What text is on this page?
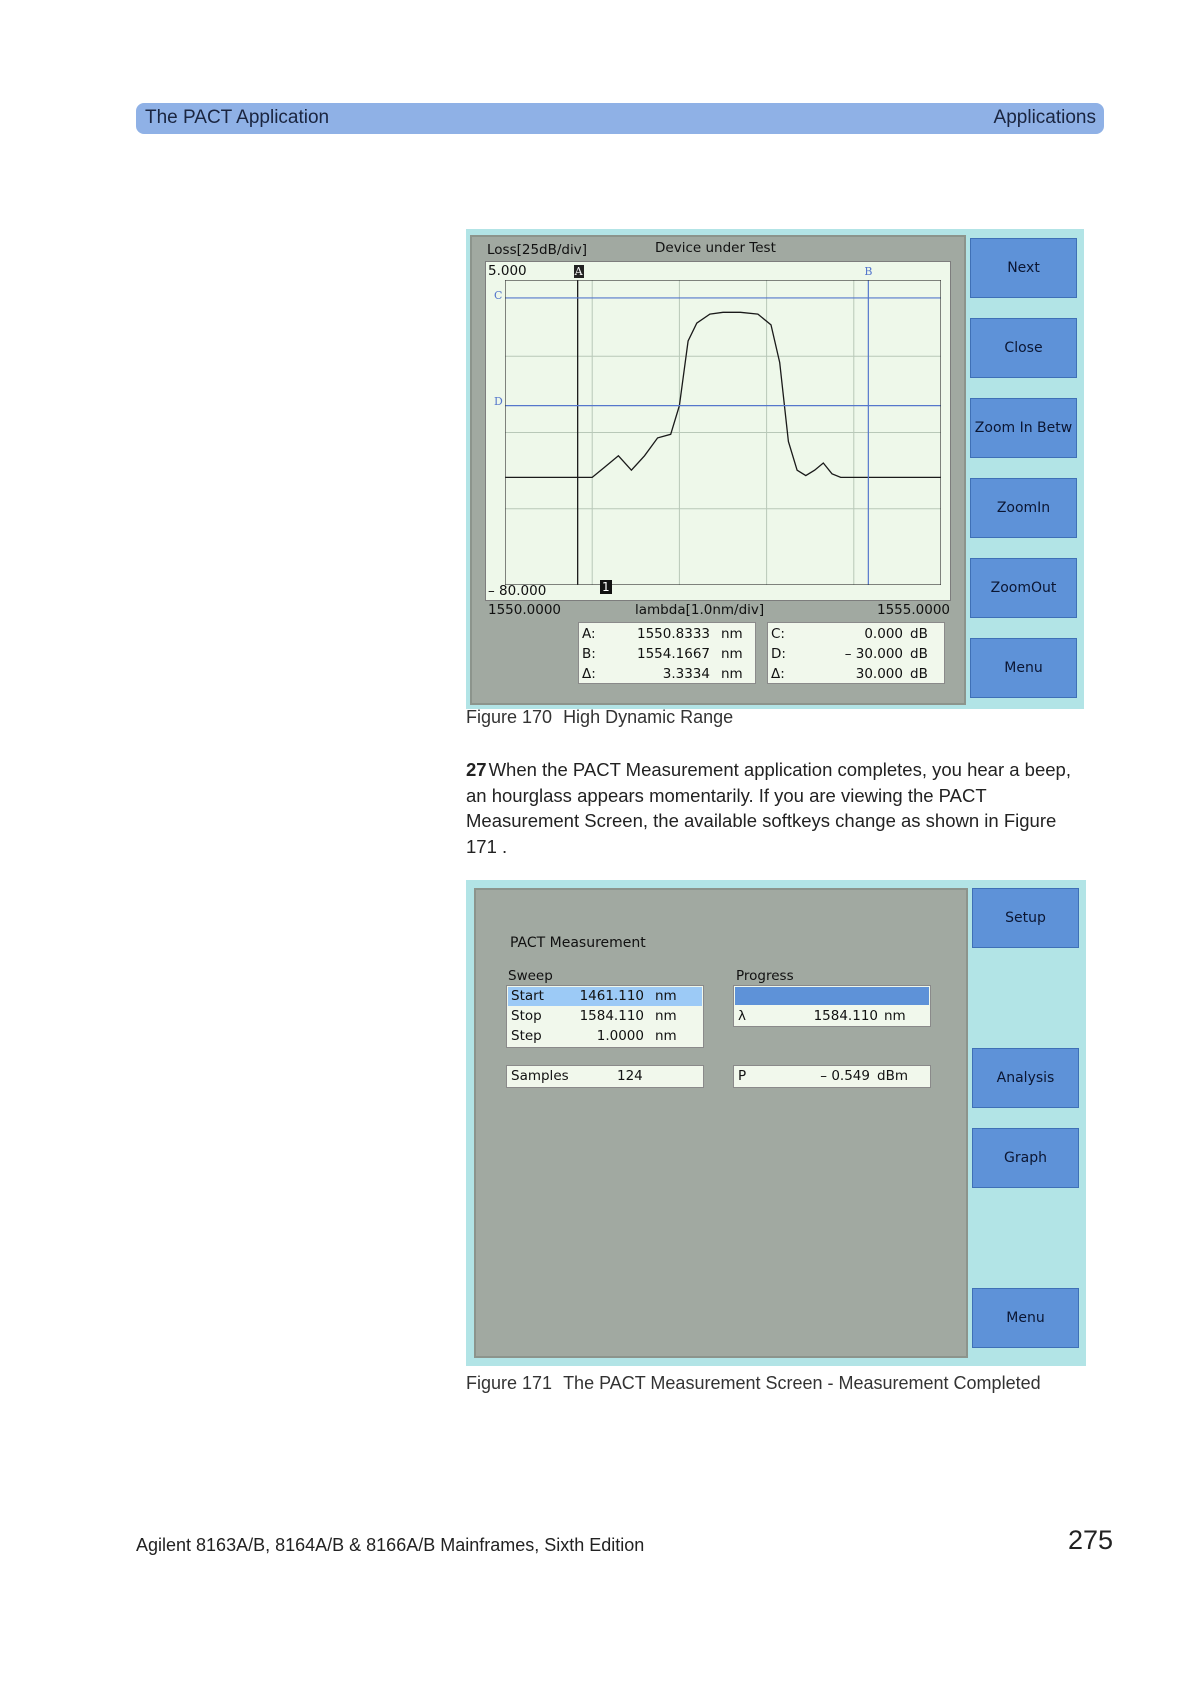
The PACT Application	Applications
Loss[25dB/div]	Device under Test
5.000
– 80.000
1550.0000	lambda[1.0nm/div]	1555.0000
A	B
C
D
1
A:	1550.8333 nm
B:	1554.1667 nm
Δ:	3.3334 nm
C:	0.000 dB
D:	– 30.000 dB
Δ:	30.000 dB
Next
Close
Zoom In Betw
ZoomIn
ZoomOut
Menu
Figure 170 High Dynamic Range
27 When the PACT Measurement application completes, you hear a beep, an hourglass appears momentarily. If you are viewing the PACT Measurement Screen, the available softkeys change as shown in Figure 171 .
PACT Measurement
Sweep	Progress
Start	1461.110 nm
Stop	1584.110 nm
Step	1.0000 nm
λ	1584.110 nm
Samples	124	P	– 0.549 dBm
Setup
Analysis
Graph
Menu
Figure 171 The PACT Measurement Screen - Measurement Completed
Agilent 8163A/B, 8164A/B & 8166A/B Mainframes, Sixth Edition	275
